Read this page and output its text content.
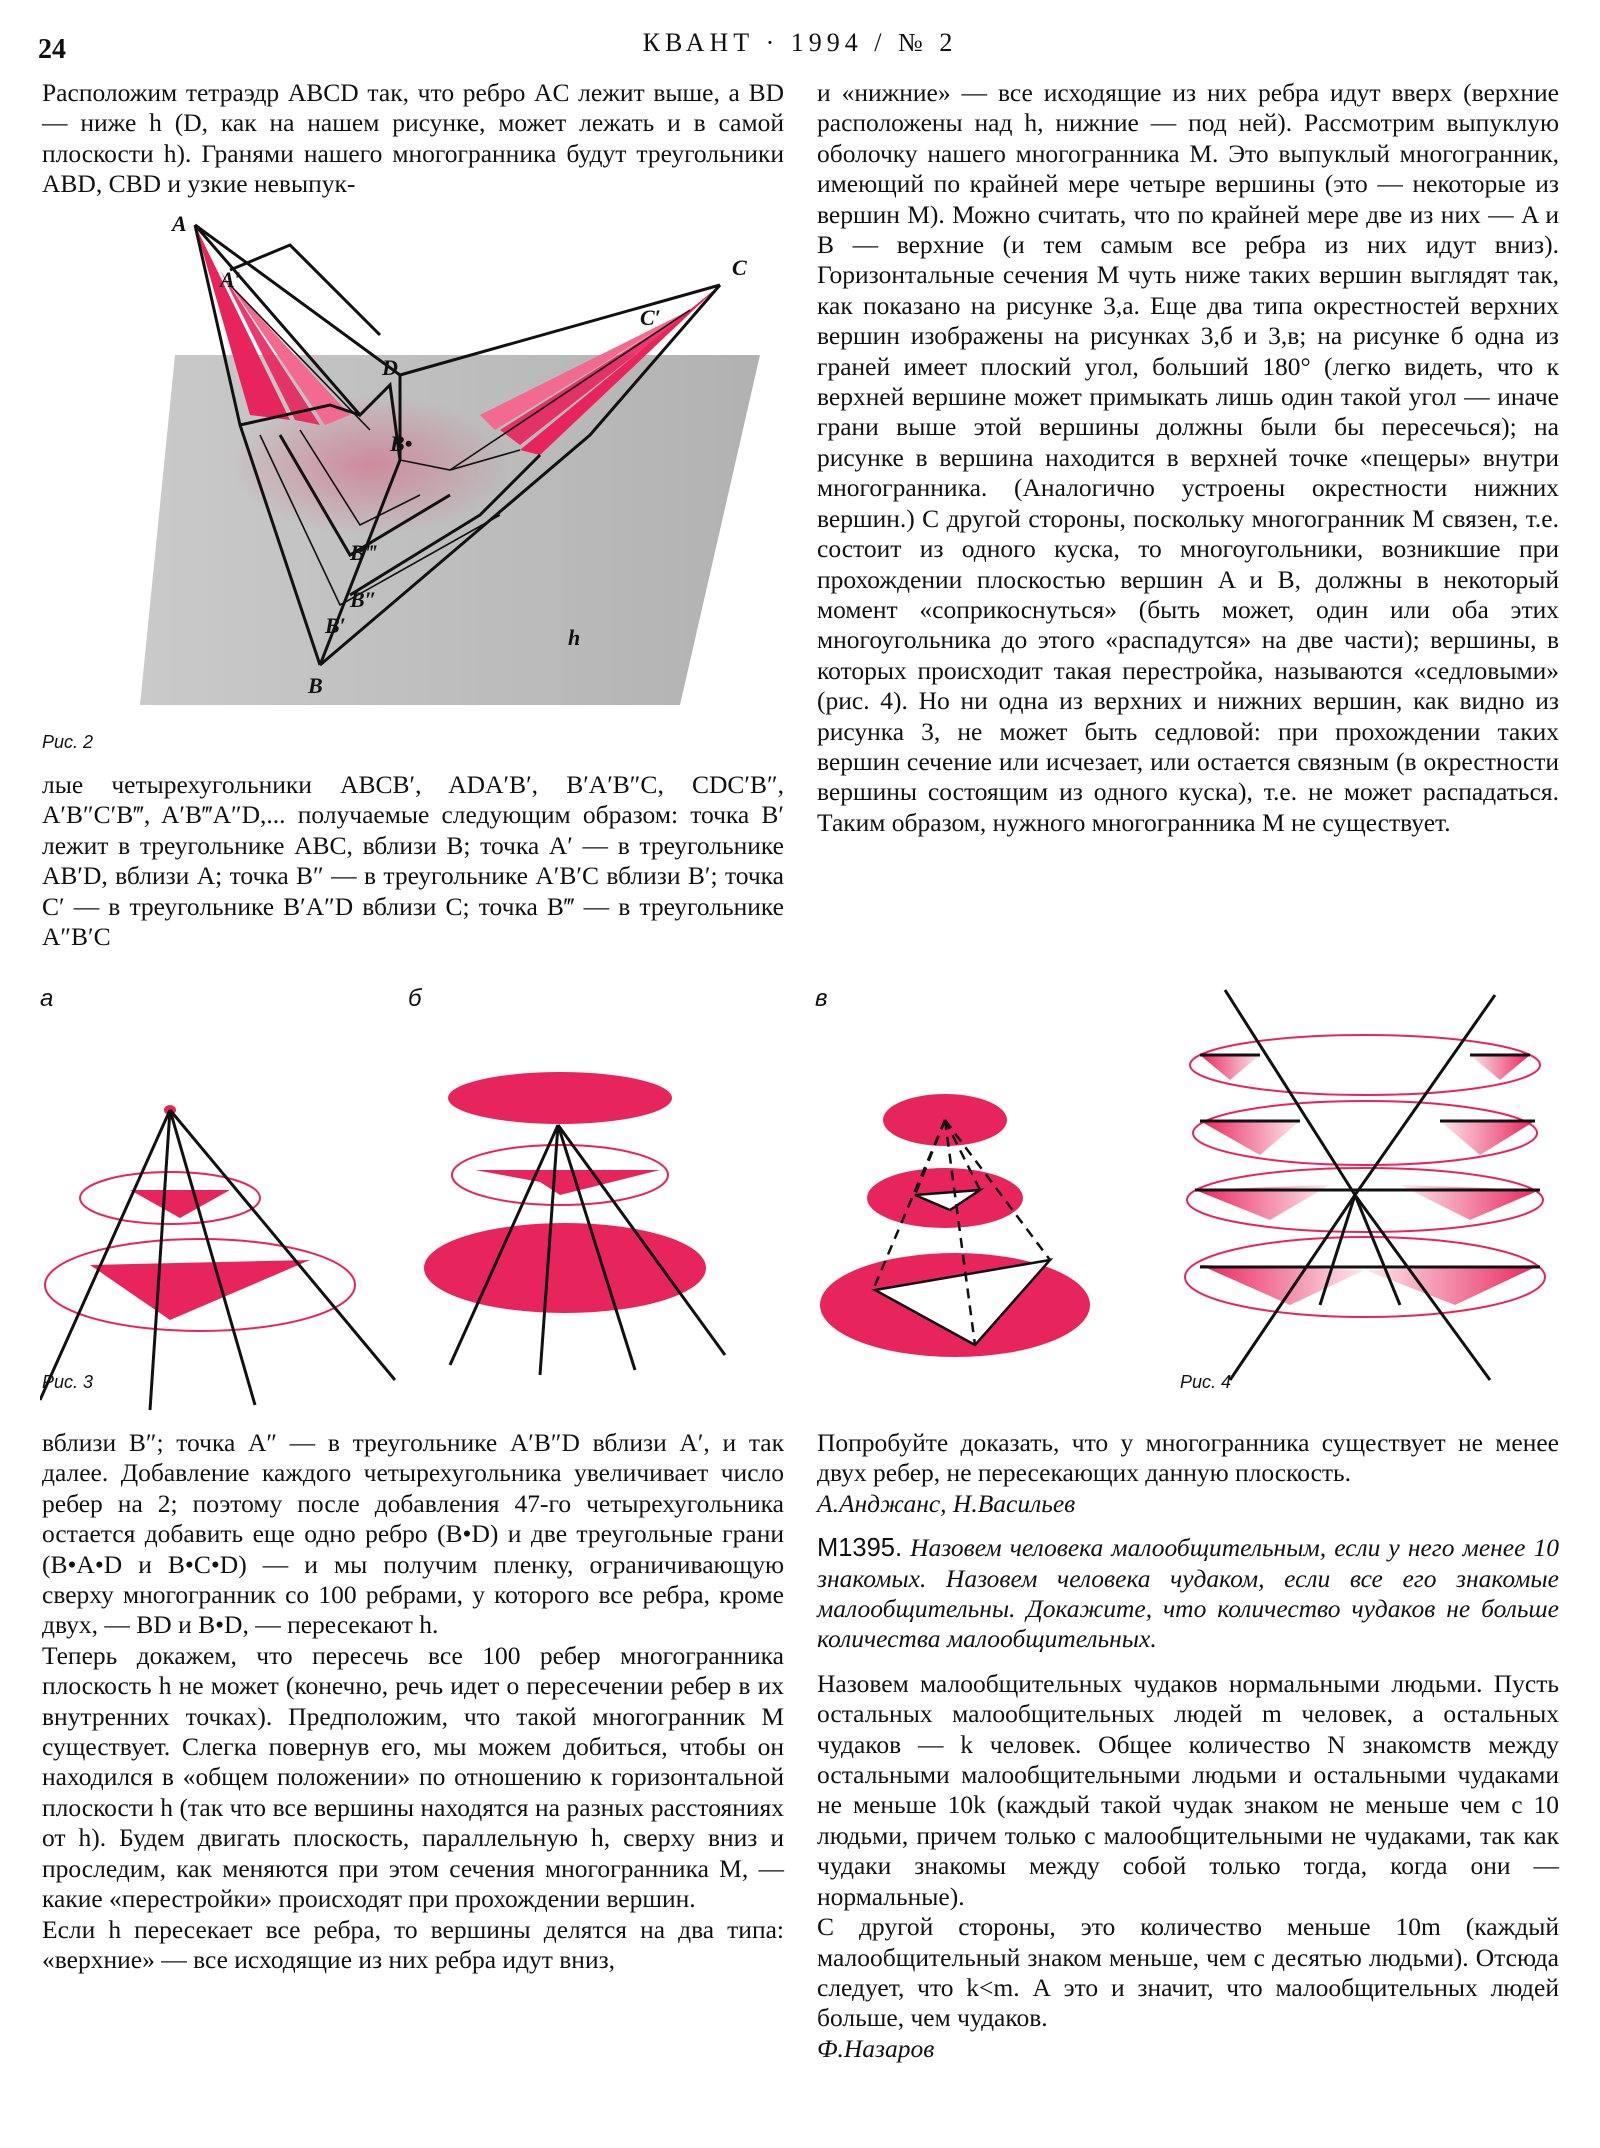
24	КВАНТ · 1994 / № 2

Расположим тетраэдр ABCD так, что ребро AC лежит выше, а BD — ниже h (D, как на нашем рисунке, может лежать и в самой плоскости h). Гранями нашего многогранника будут треугольники ABD, CBD и узкие невыпук-

A
A′	C
C′
D
B•
B‴
B″
B′
B
h
Рис. 2

лые четырехугольники ABCB′, ADA′B′, B′A′B″C, CDC′B″, A′B″C′B‴, A′B‴A″D,... получаемые следующим образом: точка B′ лежит в треугольнике ABC, вблизи B; точка A′ — в треугольнике AB′D, вблизи A; точка B″ — в треугольнике A′B′C вблизи B′; точка C′ — в треугольнике B′A″D вблизи C; точка B‴ — в треугольнике A″B′C

и «нижние» — все исходящие из них ребра идут вверх (верхние расположены над h, нижние — под ней). Рассмотрим выпуклую оболочку нашего многогранника M. Это выпуклый многогранник, имеющий по крайней мере четыре вершины (это — некоторые из вершин M). Можно считать, что по крайней мере две из них — A и B — верхние (и тем самым все ребра из них идут вниз). Горизонтальные сечения M чуть ниже таких вершин выглядят так, как показано на рисунке 3,а. Еще два типа окрестностей верхних вершин изображены на рисунках 3,б и 3,в; на рисунке б одна из граней имеет плоский угол, больший 180° (легко видеть, что к верхней вершине может примыкать лишь один такой угол — иначе грани выше этой вершины должны были бы пересечься); на рисунке в вершина находится в верхней точке «пещеры» внутри многогранника. (Аналогично устроены окрестности нижних вершин.) С другой стороны, поскольку многогранник M связен, т.е. состоит из одного куска, то многоугольники, возникшие при прохождении плоскостью вершин A и B, должны в некоторый момент «соприкоснуться» (быть может, один или оба этих многоугольника до этого «распадутся» на две части); вершины, в которых происходит такая перестройка, называются «седловыми» (рис. 4). Но ни одна из верхних и нижних вершин, как видно из рисунка 3, не может быть седловой: при прохождении таких вершин сечение или исчезает, или остается связным (в окрестности вершины состоящим из одного куска), т.е. не может распадаться. Таким образом, нужного многогранника M не существует.

а	б	в
Рис. 3	Рис. 4

вблизи B″; точка A″ — в треугольнике A′B″D вблизи A′, и так далее. Добавление каждого четырехугольника увеличивает число ребер на 2; поэтому после добавления 47-го четырехугольника остается добавить еще одно ребро (B•D) и две треугольные грани (B•A•D и B•C•D) — и мы получим пленку, ограничивающую сверху многогранник со 100 ребрами, у которого все ребра, кроме двух, — BD и B•D, — пересекают h.

Теперь докажем, что пересечь все 100 ребер многогранника плоскость h не может (конечно, речь идет о пересечении ребер в их внутренних точках). Предположим, что такой многогранник M существует. Слегка повернув его, мы можем добиться, чтобы он находился в «общем положении» по отношению к горизонтальной плоскости h (так что все вершины находятся на разных расстояниях от h). Будем двигать плоскость, параллельную h, сверху вниз и проследим, как меняются при этом сечения многогранника M, — какие «перестройки» происходят при прохождении вершин.

Если h пересекает все ребра, то вершины делятся на два типа: «верхние» — все исходящие из них ребра идут вниз,

Попробуйте доказать, что у многогранника существует не менее двух ребер, не пересекающих данную плоскость.

А.Анджанс, Н.Васильев

М1395. Назовем человека малообщительным, если у него менее 10 знакомых. Назовем человека чудаком, если все его знакомые малообщительны. Докажите, что количество чудаков не больше количества малообщительных.

Назовем малообщительных чудаков нормальными людьми. Пусть остальных малообщительных людей m человек, а остальных чудаков — k человек. Общее количество N знакомств между остальными малообщительными людьми и остальными чудаками не меньше 10k (каждый такой чудак знаком не меньше чем с 10 людьми, причем только с малообщительными не чудаками, так как чудаки знакомы между собой только тогда, когда они — нормальные).

С другой стороны, это количество меньше 10m (каждый малообщительный знаком меньше, чем с десятью людьми). Отсюда следует, что k<m. А это и значит, что малообщительных людей больше, чем чудаков.

Ф.Назаров
